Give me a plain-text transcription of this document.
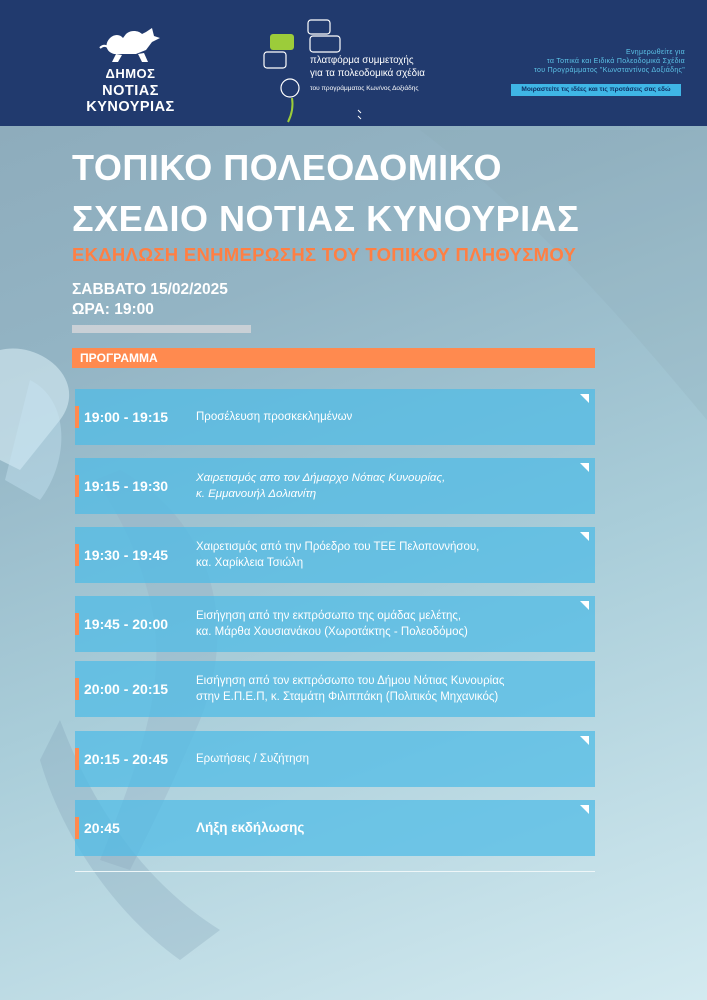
ΔΗΜΟΣ
ΝΟΤΙΑΣ ΚΥΝΟΥΡΙΑΣ
πλατφόρμα συμμετοχής
για τα πολεοδομικά σχέδια
του προγράμματος Κων/νος Δοξιάδης
Ενημερωθείτε για
τα Τοπικά και Ειδικά Πολεοδομικά Σχέδια
του Προγράμματος "Κωνσταντίνος Δοξιάδης"
Μοιραστείτε τις ιδέες και τις προτάσεις σας εδώ
ΤΟΠΙΚΟ ΠΟΛΕΟΔΟΜΙΚΟ
ΣΧΕΔΙΟ ΝΟΤΙΑΣ ΚΥΝΟΥΡΙΑΣ
ΕΚΔΗΛΩΣΗ ΕΝΗΜΕΡΩΣΗΣ ΤΟΥ ΤΟΠΙΚΟΥ ΠΛΗΘΥΣΜΟΥ
ΣΑΒΒΑΤΟ 15/02/2025
ΩΡΑ: 19:00
ΠΡΟΓΡΑΜΜΑ
19:00 - 19:15	Προσέλευση προσκεκλημένων
19:15 - 19:30	Χαιρετισμός απο τον Δήμαρχο Νότιας Κυνουρίας,
κ. Εμμανουήλ Δολιανίτη
19:30 - 19:45	Χαιρετισμός από την Πρόεδρο του ΤΕΕ Πελοποννήσου,
κα. Χαρίκλεια Τσιώλη
19:45 - 20:00	Εισήγηση από την εκπρόσωπο της ομάδας μελέτης,
κα. Μάρθα Χουσιανάκου (Χωροτάκτης - Πολεοδόμος)
20:00 - 20:15	Εισήγηση από τον εκπρόσωπο του Δήμου Νότιας Κυνουρίας
στην Ε.Π.Ε.Π, κ. Σταμάτη Φιλιππάκη (Πολιτικός Μηχανικός)
20:15 - 20:45	Ερωτήσεις / Συζήτηση
20:45	Λήξη εκδήλωσης
